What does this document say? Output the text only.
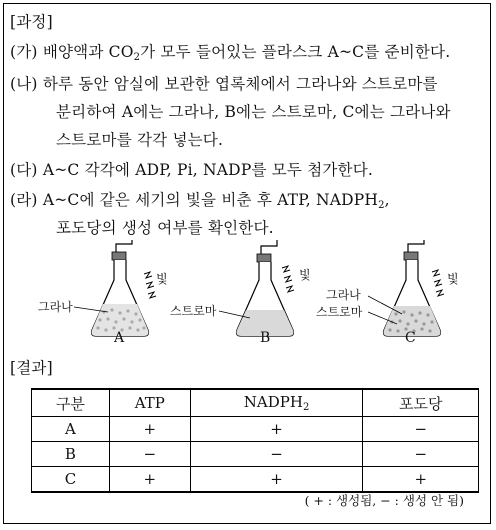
[과정]
(가) 배양액과 $CO_2$가 모두 들어있는 플라스크 A~C를 준비한다.
(나) 하루 동안 암실에 보관한 엽록체에서 그라나와 스트로마를
분리하여 A에는 그라나, B에는 스트로마, C에는 그라나와
스트로마를 각각 넣는다.
(다) A~C 각각에 ADP, Pi, NADP를 모두 첨가한다.
(라) A~C에 같은 세기의 빛을 비춘 후 ATP, $NADPH_2$,
포도당의 생성 여부를 확인한다.
빛	빛	빛
그라나	스트로마
그라나
스트로마
A	B	C
[결과]
구분	ATP	$NADPH_2$	포도당
A	+	+	−
B	−	−	−
C	+	+	+
( + : 생성됨, − : 생성 안 됨)
